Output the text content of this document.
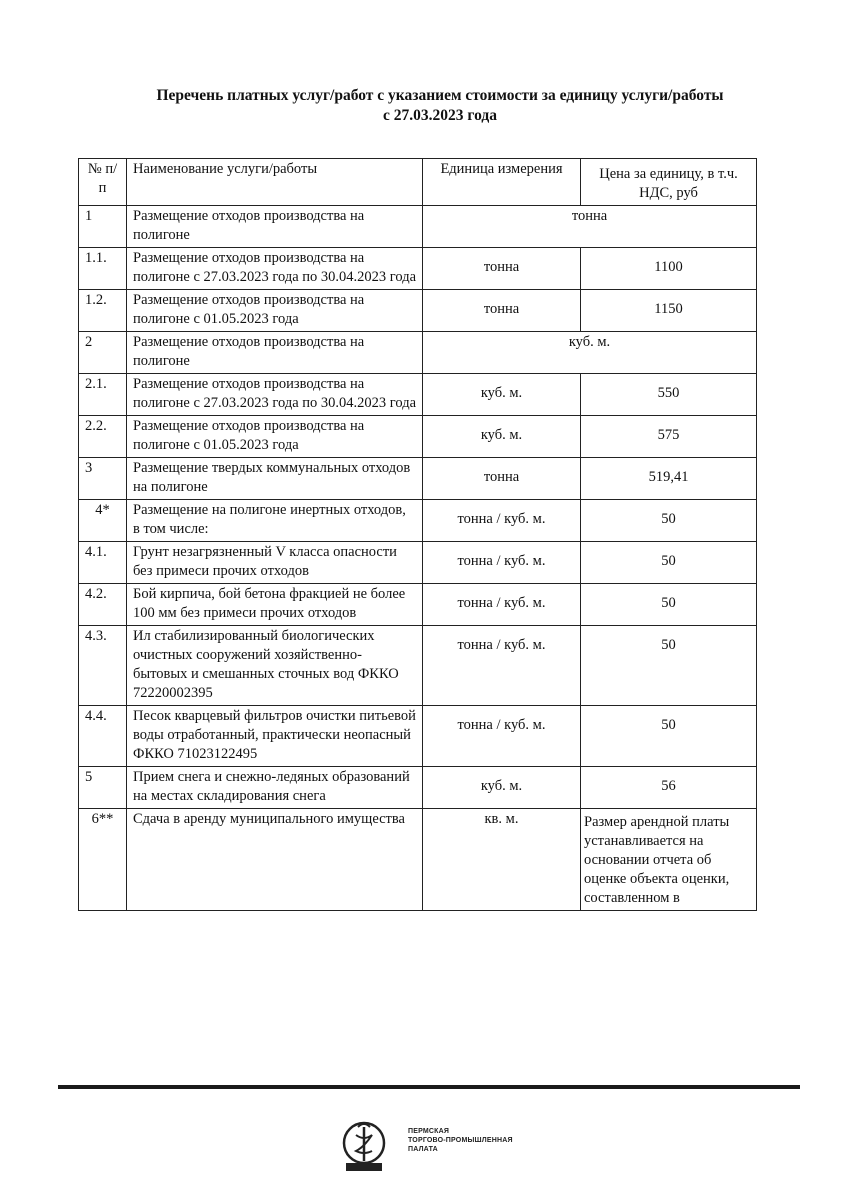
Перечень платных услуг/работ с указанием стоимости за единицу услуги/работы
с 27.03.2023 года
№ п/п	Наименование услуги/работы	Единица измерения	Цена за единицу, в т.ч. НДС, руб
1	Размещение отходов производства на полигоне	тонна	
1.1.	Размещение отходов производства на полигоне с 27.03.2023 года по 30.04.2023 года	тонна	1100
1.2.	Размещение отходов производства на полигоне с 01.05.2023 года	тонна	1150
2	Размещение отходов производства на полигоне	куб. м.	
2.1.	Размещение отходов производства на полигоне с 27.03.2023 года по 30.04.2023 года	куб. м.	550
2.2.	Размещение отходов производства на полигоне с 01.05.2023 года	куб. м.	575
3	Размещение твердых коммунальных отходов на полигоне	тонна	519,41
4*	Размещение на полигоне инертных отходов, в том числе:	тонна / куб. м.	50
4.1.	Грунт незагрязненный V класса опасности без примеси прочих отходов	тонна / куб. м.	50
4.2.	Бой кирпича, бой бетона фракцией не более 100 мм без примеси прочих отходов	тонна / куб. м.	50
4.3.	Ил стабилизированный биологических очистных сооружений хозяйственно-бытовых и смешанных сточных вод ФККО 72220002395	тонна / куб. м.	50
4.4.	Песок кварцевый фильтров очистки питьевой воды отработанный, практически неопасный ФККО 71023122495	тонна / куб. м.	50
5	Прием снега и снежно-ледяных образований на местах складирования снега	куб. м.	56
6**	Сдача в аренду муниципального имущества	кв. м.	Размер арендной платы устанавливается на основании отчета об оценке объекта оценки, составленном в
ПЕРМСКАЯ
ТОРГОВО-ПРОМЫШЛЕННАЯ
ПАЛАТА
